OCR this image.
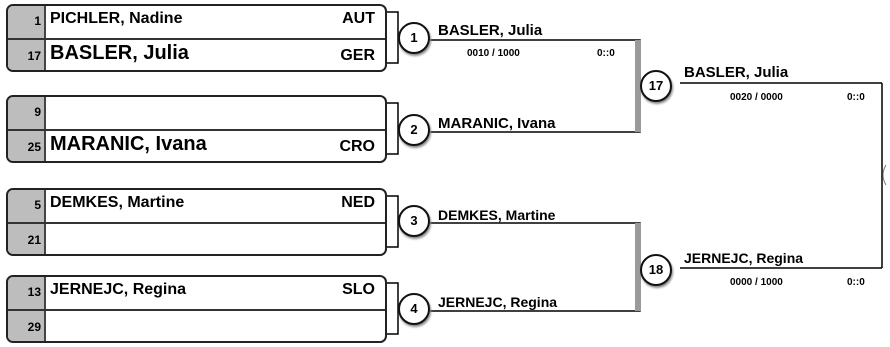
1 PICHLER, Nadine	AUT
17 BASLER, Julia	GER
9
25 MARANIC, Ivana	CRO
5 DEMKES, Martine	NED
21
13 JERNEJC, Regina	SLO
29
1
2
3
4
BASLER, Julia
0010 / 1000	0::0
MARANIC, Ivana
DEMKES, Martine
JERNEJC, Regina
17
18
BASLER, Julia
0020 / 0000	0::0
JERNEJC, Regina
0000 / 1000	0::0
